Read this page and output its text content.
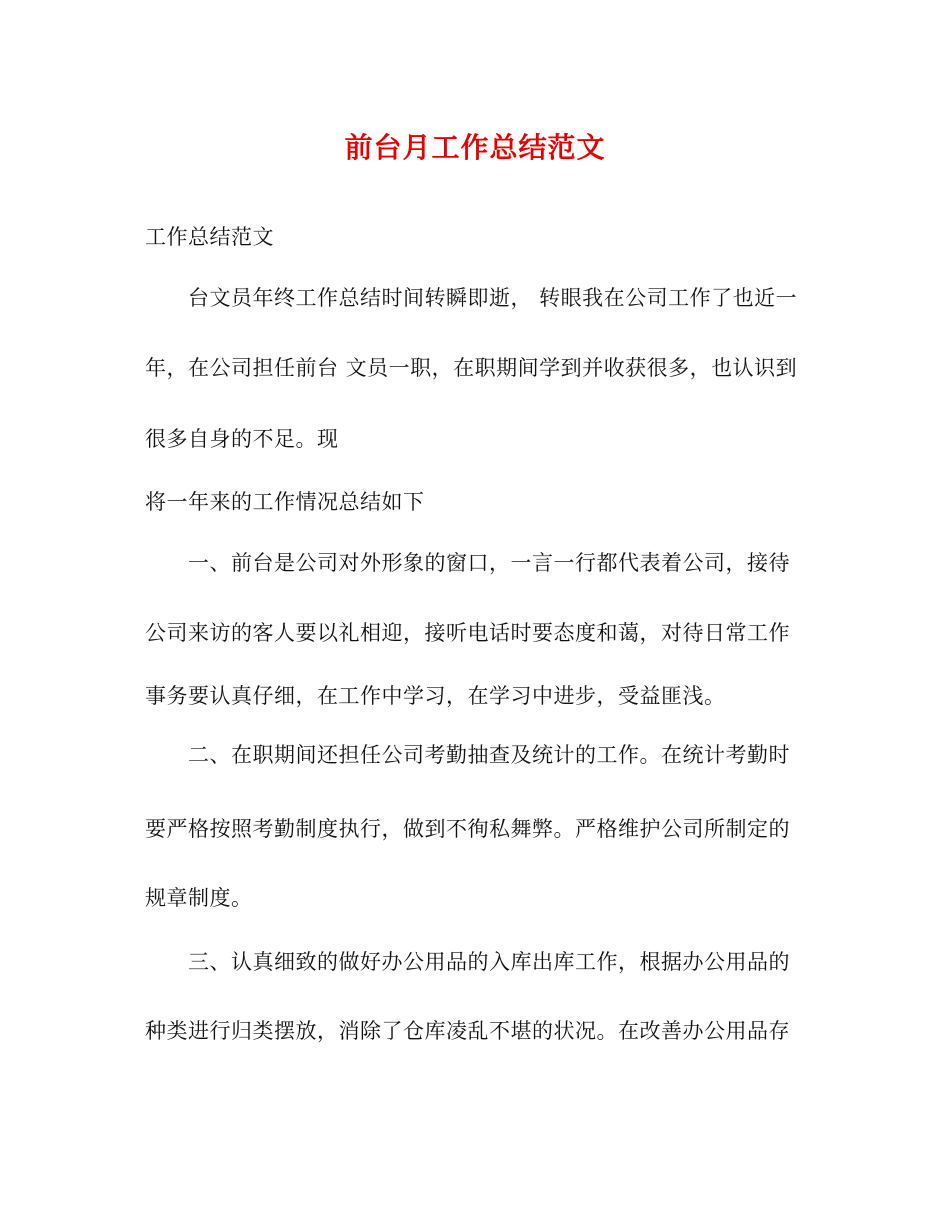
前台月工作总结范文
工作总结范文
台文员年终工作总结时间转瞬即逝， 转眼我在公司工作了也近一
年，在公司担任前台 文员一职，在职期间学到并收获很多，也认识到
很多自身的不足。现
将一年来的工作情况总结如下
一、前台是公司对外形象的窗口，一言一行都代表着公司，接待
公司来访的客人要以礼相迎，接听电话时要态度和蔼，对待日常工作
事务要认真仔细，在工作中学习，在学习中进步，受益匪浅。
二、在职期间还担任公司考勤抽查及统计的工作。在统计考勤时
要严格按照考勤制度执行，做到不徇私舞弊。严格维护公司所制定的
规章制度。
三、认真细致的做好办公用品的入库出库工作，根据办公用品的
种类进行归类摆放，消除了仓库凌乱不堪的状况。在改善办公用品存
